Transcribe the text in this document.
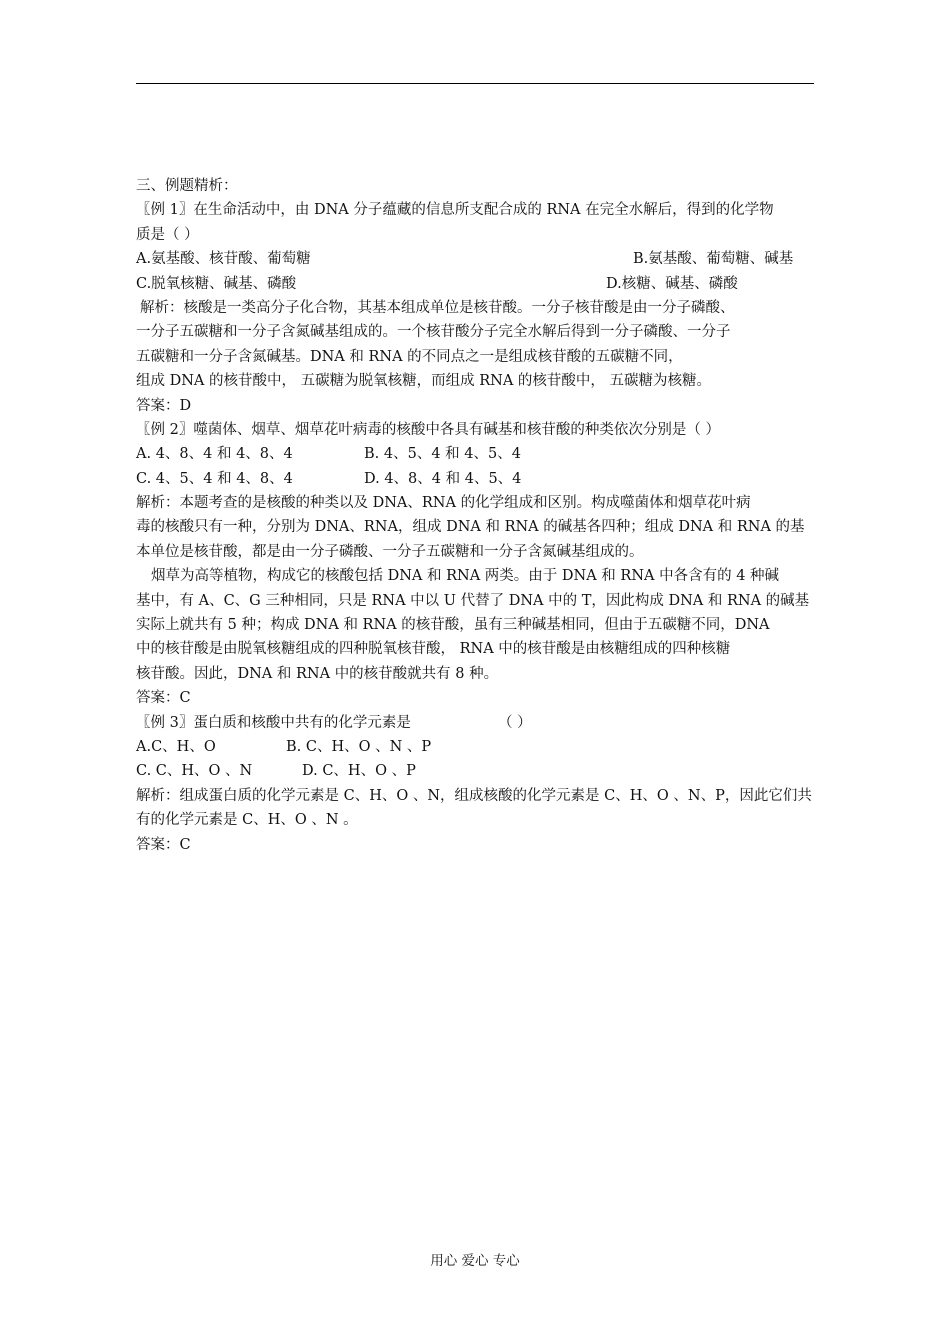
三、例题精析：
〖例 1〗在生命活动中，由 DNA 分子蕴藏的信息所支配合成的 RNA 在完全水解后，得到的化学物
质是（ ）
A.氨基酸、核苷酸、葡萄糖	B.氨基酸、葡萄糖、碱基
C.脱氧核糖、碱基、磷酸	D.核糖、碱基、磷酸
解析：核酸是一类高分子化合物，其基本组成单位是核苷酸。一分子核苷酸是由一分子磷酸、
一分子五碳糖和一分子含氮碱基组成的。一个核苷酸分子完全水解后得到一分子磷酸、一分子
五碳糖和一分子含氮碱基。DNA 和 RNA 的不同点之一是组成核苷酸的五碳糖不同，
组成 DNA 的核苷酸中， 五碳糖为脱氧核糖，而组成 RNA 的核苷酸中， 五碳糖为核糖。
答案：D
〖例 2〗噬菌体、烟草、烟草花叶病毒的核酸中各具有碱基和核苷酸的种类依次分别是（ ）
A. 4、8、4 和 4、8、4	B. 4、5、4 和 4、5、4
C. 4、5、4 和 4、8、4	D. 4、8、4 和 4、5、4
解析：本题考查的是核酸的种类以及 DNA、RNA 的化学组成和区别。构成噬菌体和烟草花叶病
毒的核酸只有一种，分别为 DNA、RNA，组成 DNA 和 RNA 的碱基各四种；组成 DNA 和 RNA 的基
本单位是核苷酸，都是由一分子磷酸、一分子五碳糖和一分子含氮碱基组成的。
烟草为高等植物，构成它的核酸包括 DNA 和 RNA 两类。由于 DNA 和 RNA 中各含有的 4 种碱
基中，有 A、C、G 三种相同，只是 RNA 中以 U 代替了 DNA 中的 T，因此构成 DNA 和 RNA 的碱基
实际上就共有 5 种；构成 DNA 和 RNA 的核苷酸，虽有三种碱基相同，但由于五碳糖不同，DNA
中的核苷酸是由脱氧核糖组成的四种脱氧核苷酸， RNA 中的核苷酸是由核糖组成的四种核糖
核苷酸。因此，DNA 和 RNA 中的核苷酸就共有 8 种。
答案：C
〖例 3〗蛋白质和核酸中共有的化学元素是	（ ）
A.C、H、O	B. C、H、O 、N 、P
C. C、H、O 、N	D. C、H、O 、P
解析：组成蛋白质的化学元素是 C、H、O 、N，组成核酸的化学元素是 C、H、O 、N、P，因此它们共
有的化学元素是 C、H、O 、N 。
答案：C
用心 爱心 专心
